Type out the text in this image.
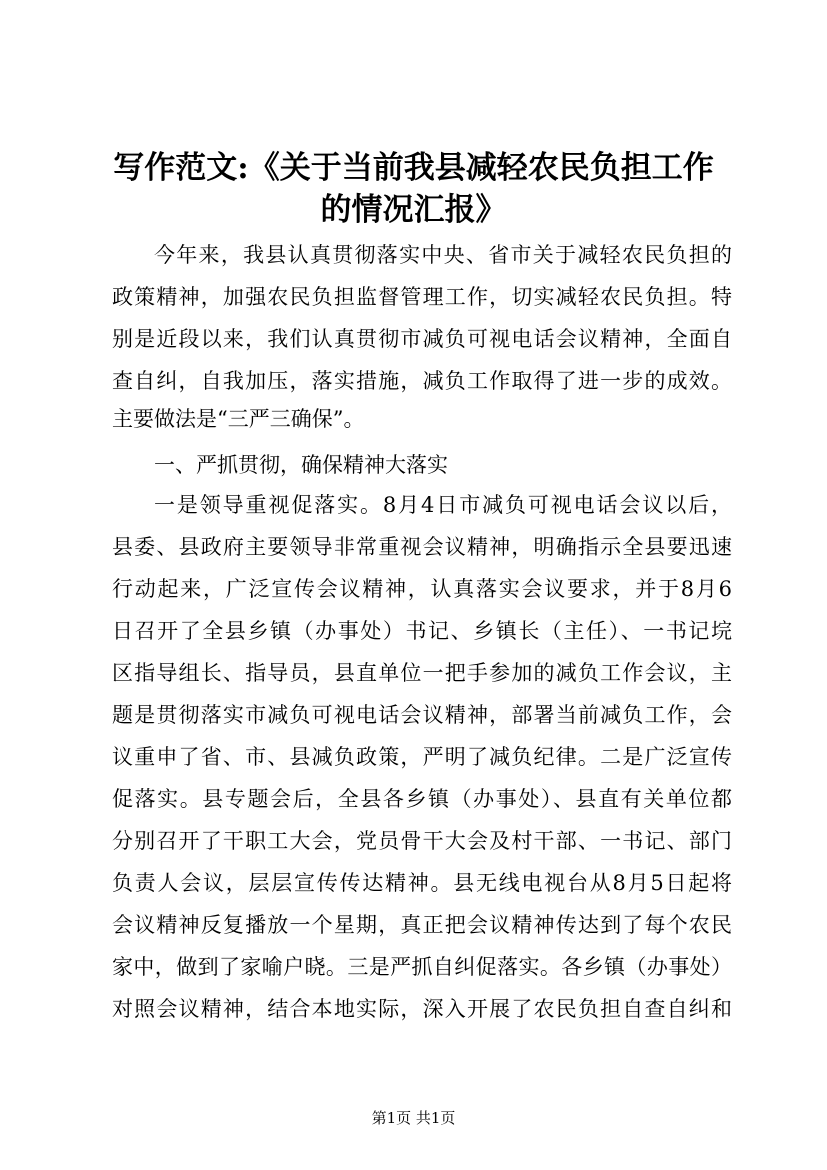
写作范文:《关于当前我县减轻农民负担工作
的情况汇报》
今年来，我县认真贯彻落实中央、省市关于减轻农民负担的
政策精神，加强农民负担监督管理工作，切实减轻农民负担。特
别是近段以来，我们认真贯彻市减负可视电话会议精神，全面自
查自纠，自我加压，落实措施，减负工作取得了进一步的成效。
主要做法是“三严三确保”。
一、严抓贯彻，确保精神大落实
一是领导重视促落实。8月4日市减负可视电话会议以后，
县委、县政府主要领导非常重视会议精神，明确指示全县要迅速
行动起来，广泛宣传会议精神，认真落实会议要求，并于8月6
日召开了全县乡镇（办事处）书记、乡镇长（主任）、一书记垸
区指导组长、指导员，县直单位一把手参加的减负工作会议，主
题是贯彻落实市减负可视电话会议精神，部署当前减负工作，会
议重申了省、市、县减负政策，严明了减负纪律。二是广泛宣传
促落实。县专题会后，全县各乡镇（办事处）、县直有关单位都
分别召开了干职工大会，党员骨干大会及村干部、一书记、部门
负责人会议，层层宣传传达精神。县无线电视台从8月5日起将
会议精神反复播放一个星期，真正把会议精神传达到了每个农民
家中，做到了家喻户晓。三是严抓自纠促落实。各乡镇（办事处）
对照会议精神，结合本地实际，深入开展了农民负担自查自纠和
第1页 共1页
